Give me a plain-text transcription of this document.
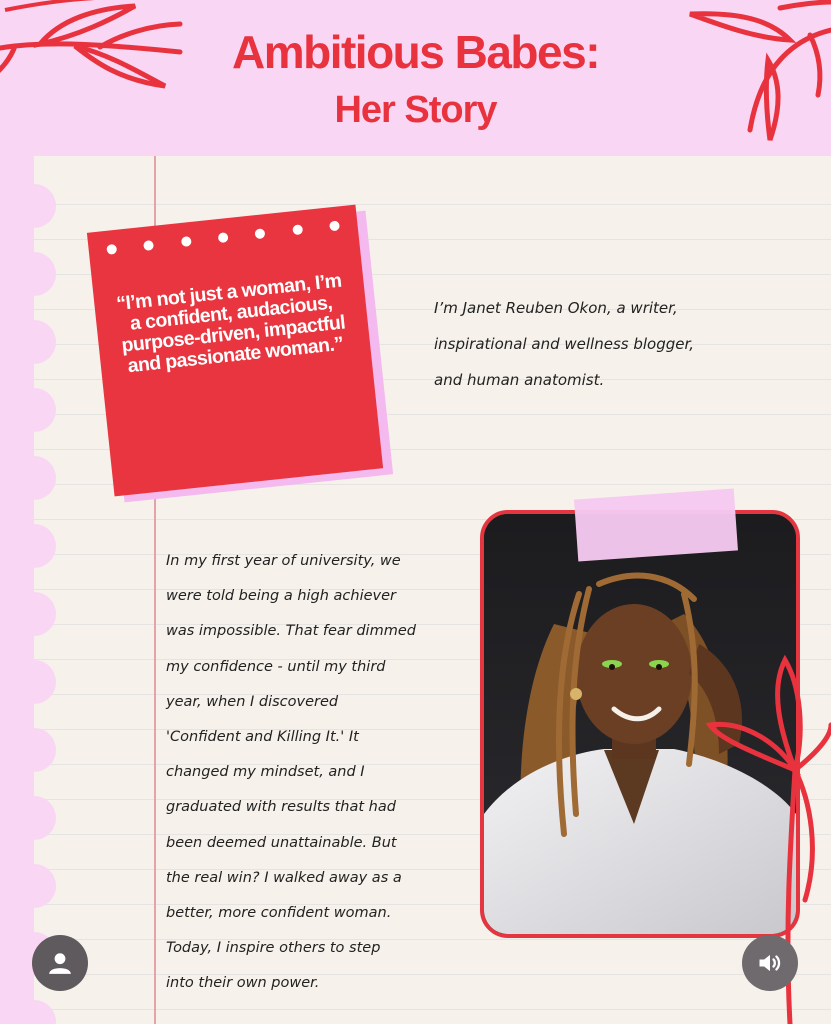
Ambitious Babes:
Her Story
“I’m not just a woman, I’m a confident, audacious, purpose-driven, impactful and passionate woman.”
I’m Janet Reuben Okon, a writer,
inspirational and wellness blogger,
and human anatomist.
In my first year of university, we
were told being a high achiever
was impossible. That fear dimmed
my confidence - until my third
year, when I discovered
'Confident and Killing It.' It
changed my mindset, and I
graduated with results that had
been deemed unattainable. But
the real win? I walked away as a
better, more confident woman.
Today, I inspire others to step
into their own power.
